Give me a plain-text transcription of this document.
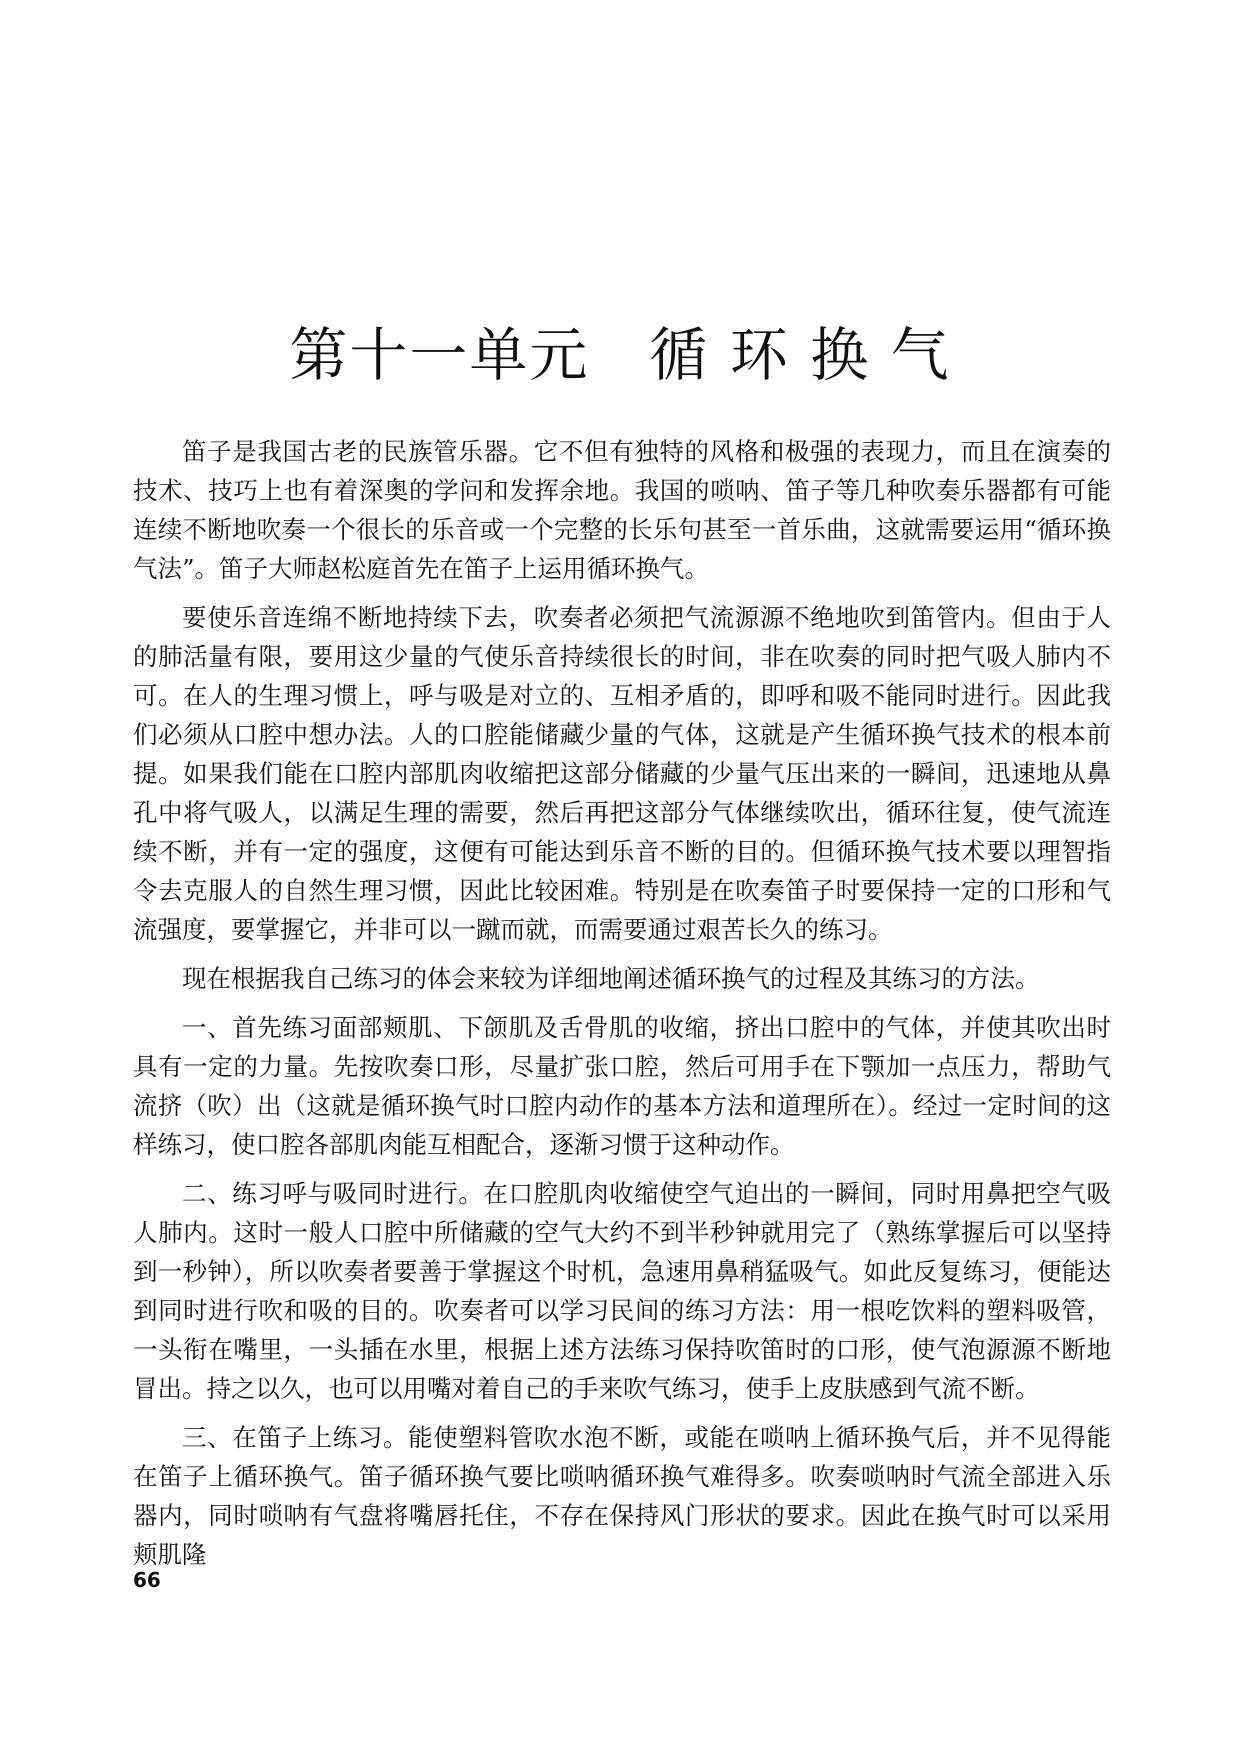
第十一单元　循 环 换 气

笛子是我国古老的民族管乐器。它不但有独特的风格和极强的表现力，而且在演奏的技术、技巧上也有着深奥的学问和发挥余地。我国的唢呐、笛子等几种吹奏乐器都有可能连续不断地吹奏一个很长的乐音或一个完整的长乐句甚至一首乐曲，这就需要运用“循环换气法”。笛子大师赵松庭首先在笛子上运用循环换气。

要使乐音连绵不断地持续下去，吹奏者必须把气流源源不绝地吹到笛管内。但由于人的肺活量有限，要用这少量的气使乐音持续很长的时间，非在吹奏的同时把气吸人肺内不可。在人的生理习惯上，呼与吸是对立的、互相矛盾的，即呼和吸不能同时进行。因此我们必须从口腔中想办法。人的口腔能储藏少量的气体，这就是产生循环换气技术的根本前提。如果我们能在口腔内部肌肉收缩把这部分储藏的少量气压出来的一瞬间，迅速地从鼻孔中将气吸人，以满足生理的需要，然后再把这部分气体继续吹出，循环往复，使气流连续不断，并有一定的强度，这便有可能达到乐音不断的目的。但循环换气技术要以理智指令去克服人的自然生理习惯，因此比较困难。特别是在吹奏笛子时要保持一定的口形和气流强度，要掌握它，并非可以一蹴而就，而需要通过艰苦长久的练习。

现在根据我自己练习的体会来较为详细地阐述循环换气的过程及其练习的方法。

一、首先练习面部颊肌、下颌肌及舌骨肌的收缩，挤出口腔中的气体，并使其吹出时具有一定的力量。先按吹奏口形，尽量扩张口腔，然后可用手在下颚加一点压力，帮助气流挤（吹）出（这就是循环换气时口腔内动作的基本方法和道理所在）。经过一定时间的这样练习，使口腔各部肌肉能互相配合，逐渐习惯于这种动作。

二、练习呼与吸同时进行。在口腔肌肉收缩使空气迫出的一瞬间，同时用鼻把空气吸人肺内。这时一般人口腔中所储藏的空气大约不到半秒钟就用完了（熟练掌握后可以坚持到一秒钟），所以吹奏者要善于掌握这个时机，急速用鼻稍猛吸气。如此反复练习，便能达到同时进行吹和吸的目的。吹奏者可以学习民间的练习方法：用一根吃饮料的塑料吸管，一头衔在嘴里，一头插在水里，根据上述方法练习保持吹笛时的口形，使气泡源源不断地冒出。持之以久，也可以用嘴对着自己的手来吹气练习，使手上皮肤感到气流不断。

三、在笛子上练习。能使塑料管吹水泡不断，或能在唢呐上循环换气后，并不见得能在笛子上循环换气。笛子循环换气要比唢呐循环换气难得多。吹奏唢呐时气流全部进入乐器内，同时唢呐有气盘将嘴唇托住，不存在保持风门形状的要求。因此在换气时可以采用颊肌隆

66
